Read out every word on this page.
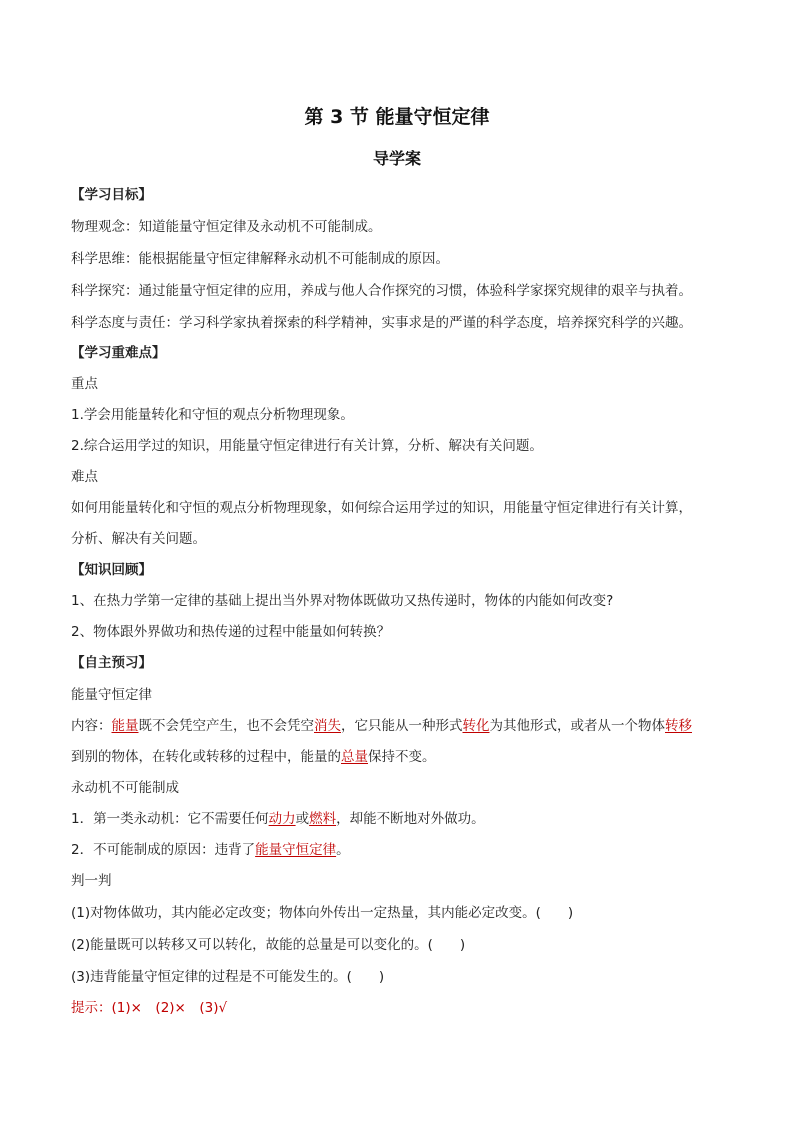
第 3 节 能量守恒定律
导学案
【学习目标】
物理观念：知道能量守恒定律及永动机不可能制成。
科学思维：能根据能量守恒定律解释永动机不可能制成的原因。
科学探究：通过能量守恒定律的应用，养成与他人合作探究的习惯，体验科学家探究规律的艰辛与执着。
科学态度与责任：学习科学家执着探索的科学精神，实事求是的严谨的科学态度，培养探究科学的兴趣。
【学习重难点】
重点
1.学会用能量转化和守恒的观点分析物理现象。
2.综合运用学过的知识，用能量守恒定律进行有关计算，分析、解决有关问题。
难点
如何用能量转化和守恒的观点分析物理现象，如何综合运用学过的知识，用能量守恒定律进行有关计算，
分析、解决有关问题。
【知识回顾】
1、在热力学第一定律的基础上提出当外界对物体既做功又热传递时，物体的内能如何改变?
2、物体跟外界做功和热传递的过程中能量如何转换？
【自主预习】
能量守恒定律
内容：能量既不会凭空产生，也不会凭空消失，它只能从一种形式转化为其他形式，或者从一个物体转移
到别的物体，在转化或转移的过程中，能量的总量保持不变。
永动机不可能制成
1．第一类永动机：它不需要任何动力或燃料，却能不断地对外做功。
2．不可能制成的原因：违背了能量守恒定律。
判一判
(1)对物体做功，其内能必定改变；物体向外传出一定热量，其内能必定改变。(　　)
(2)能量既可以转移又可以转化，故能的总量是可以变化的。(　　)
(3)违背能量守恒定律的过程是不可能发生的。(　　)
提示：(1)×　(2)×　(3)√
